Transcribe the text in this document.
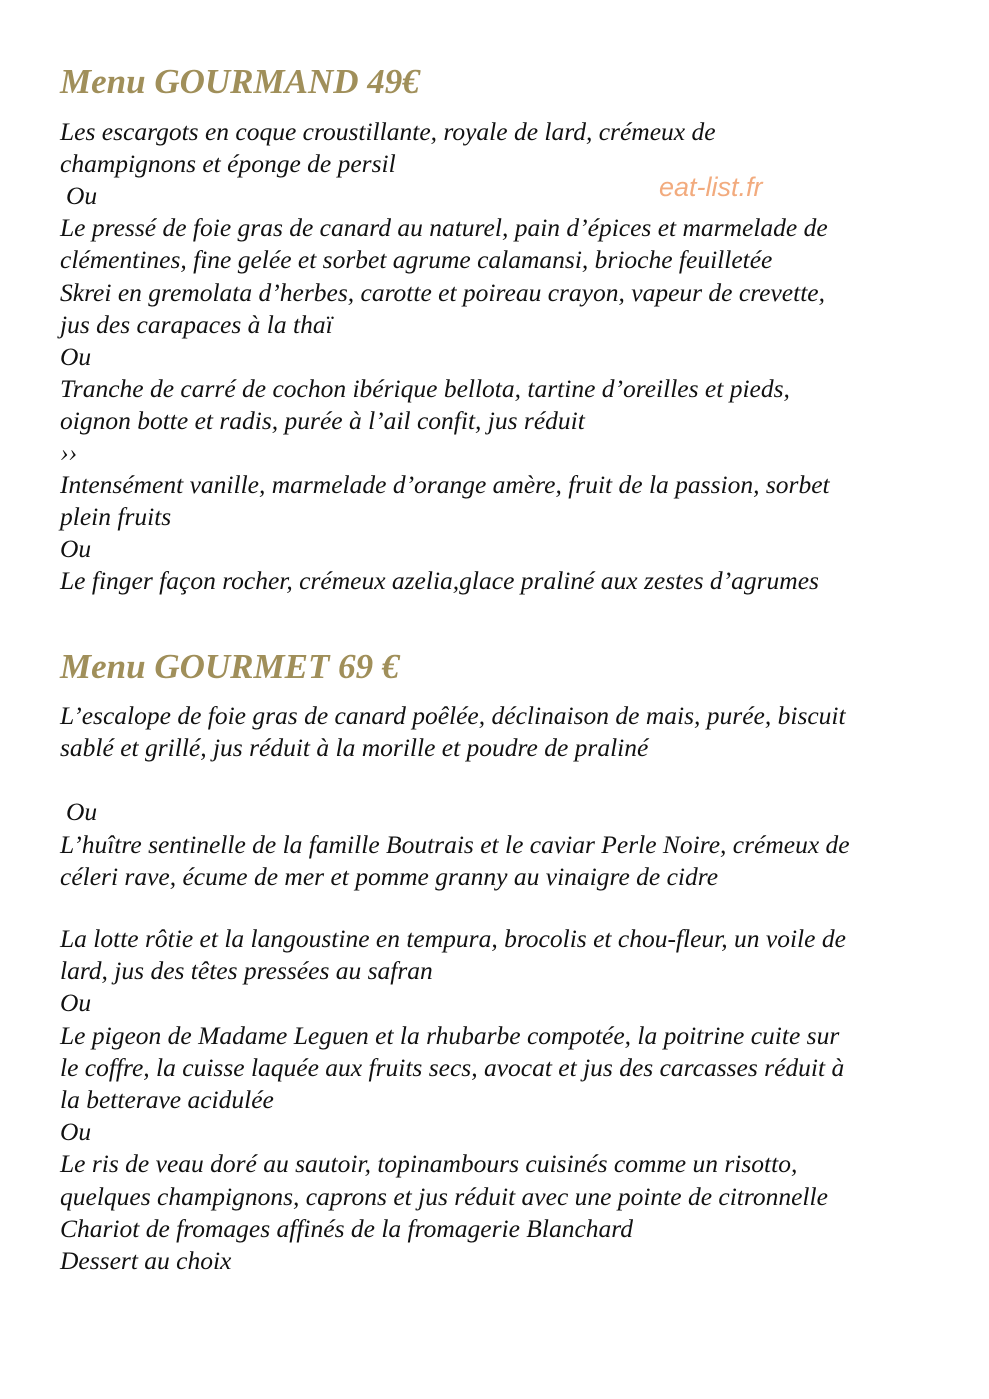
eat-list.fr
Menu GOURMAND 49€

Les escargots en coque croustillante, royale de lard, crémeux de

champignons et éponge de persil

Ou

Le pressé de foie gras de canard au naturel, pain d’épices et marmelade de

clémentines, fine gelée et sorbet agrume calamansi, brioche feuilletée

Skrei en gremolata d’herbes, carotte et poireau crayon, vapeur de crevette,

jus des carapaces à la thaï

Ou

Tranche de carré de cochon ibérique bellota, tartine d’oreilles et pieds,

oignon botte et radis, purée à l’ail confit, jus réduit

››

Intensément vanille, marmelade d’orange amère, fruit de la passion, sorbet

plein fruits

Ou

Le finger façon rocher, crémeux azelia,glace praliné aux zestes d’agrumes

Menu GOURMET 69 €

L’escalope de foie gras de canard poêlée, déclinaison de mais, purée, biscuit

sablé et grillé, jus réduit à la morille et poudre de praliné

Ou

L’huître sentinelle de la famille Boutrais et le caviar Perle Noire, crémeux de

céleri rave, écume de mer et pomme granny au vinaigre de cidre

La lotte rôtie et la langoustine en tempura, brocolis et chou-fleur, un voile de

lard, jus des têtes pressées au safran

Ou

Le pigeon de Madame Leguen et la rhubarbe compotée, la poitrine cuite sur

le coffre, la cuisse laquée aux fruits secs, avocat et jus des carcasses réduit à

la betterave acidulée

Ou

Le ris de veau doré au sautoir, topinambours cuisinés comme un risotto,

quelques champignons, caprons et jus réduit avec une pointe de citronnelle

Chariot de fromages affinés de la fromagerie Blanchard

Dessert au choix
